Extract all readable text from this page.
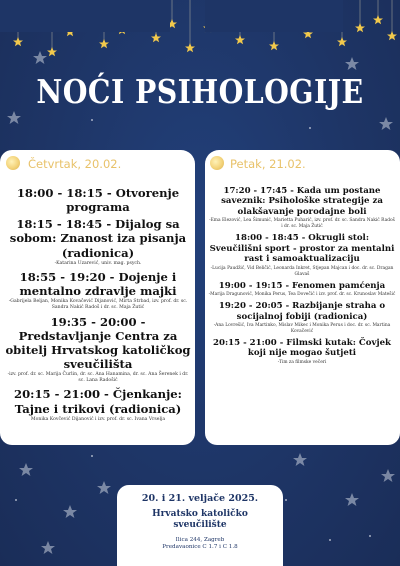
NOĆI PSIHOLOGIJE
Četvrtak, 20.02.	Petak, 21.02.
18:00 - 18:15 - Otvorenje programa
18:15 - 18:45 - Dijalog sa sobom: Znanost iza pisanja (radionica)
-Katarina Uzarević, univ. mag. psych.
18:55 - 19:20 - Dojenje i mentalno zdravlje majki
-Gabrijela Beljan, Monika Kovačević Dijanović, Mirta Strbad, izv. prof. dr. sc. Sandra Nakić Radoš i dr. sc. Maja Žutić
19:35 - 20:00 - Predstavljanje Centra za obitelj Hrvatskog katoličkog sveučilišta
-izv. prof. dr. sc. Marija Čurlin, dr. sc. Ana Hanamina, dr. sc. Ana Šerenek i dr. sc. Lana Radošić
20:15 - 21:00 - Čjenkanje: Tajne i trikovi (radionica)
Monika Kovčević Dijanović i izv. prof. dr. sc. Ivana Vrselja
17:20 - 17:45 - Kada um postane saveznik: Psihološke strategije za olakšavanje porodajne boli
-Ema Elezović, Lea Šimunić, Marietta Puharić, izv. prof. dr. sc. Sandra Nakić Radoš i dr. sc. Maja Žutić
18:00 - 18:45 - Okrugli stol: Sveučilišni sport - prostor za mentalni rast i samoaktualizaciju
-Lucija Paudžić, Vid Beličić, Leonarda Inkret, Stjepan Majcan i doc. dr. sc. Dragan Glavaš
19:00 - 19:15 - Fenomen pamćenja
-Marija Dragunović, Monika Perus, Tea Dovečić i izv. prof. dr. sc. Krunoslav Matešić
19:20 - 20:05 - Razbijanje straha o socijalnoj fobiji (radionica)
-Ana Lovrešić, Iva Martinko, Mislav Mikec i Monika Perus i doc. dr. sc. Martina Kovačević
20:15 - 21:00 - Filmski kutak: Čovjek koji nije mogao šutjeti
-Tim za filmske večeri
20. i 21. veljače 2025.
Hrvatsko katoličko
sveučilište
Ilica 244, Zagreb
Predavaonice C 1.7 i C 1.8
